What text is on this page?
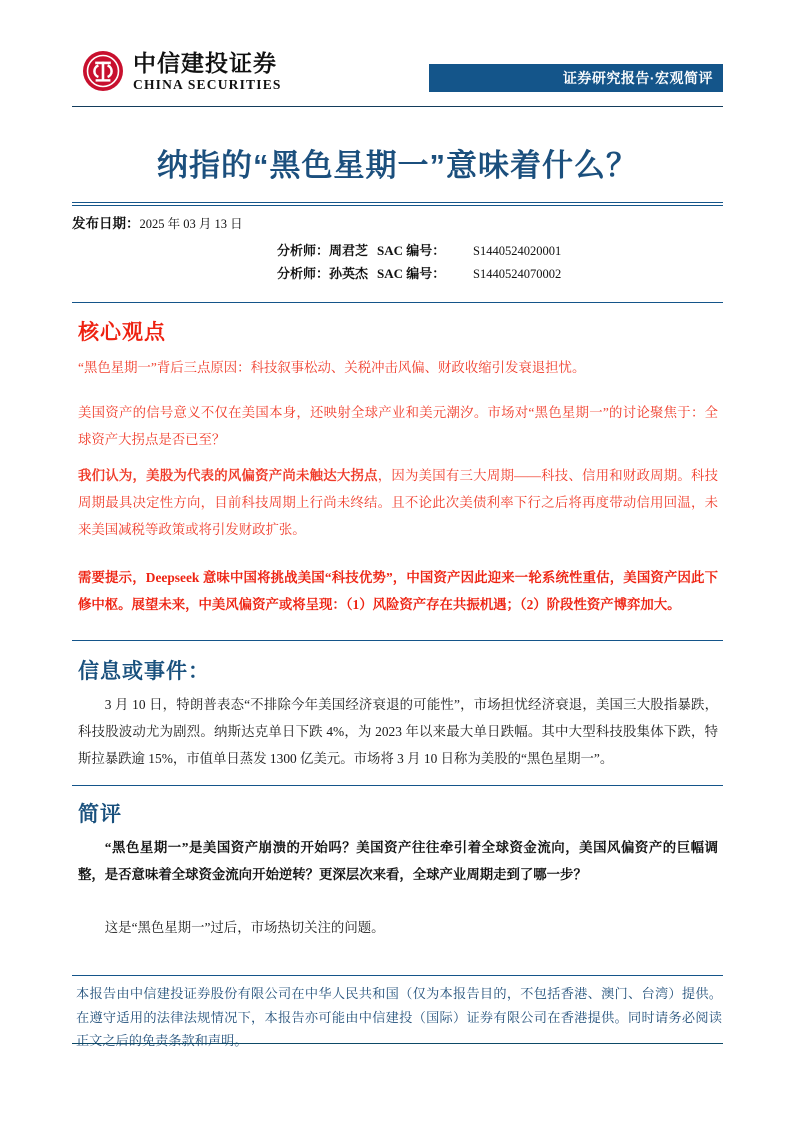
中信建投证券
CHINA SECURITIES	证券研究报告·宏观简评
纳指的“黑色星期一”意味着什么？
发布日期：2025 年 03 月 13 日
分析师：周君芝 SAC 编号：	S1440524020001
分析师：孙英杰 SAC 编号：	S1440524070002
核心观点
“黑色星期一”背后三点原因：科技叙事松动、关税冲击风偏、财政收缩引发衰退担忧。
美国资产的信号意义不仅在美国本身，还映射全球产业和美元潮汐。市场对“黑色星期一”的讨论聚焦于：全球资产大拐点是否已至？
我们认为，美股为代表的风偏资产尚未触达大拐点，因为美国有三大周期——科技、信用和财政周期。科技周期最具决定性方向，目前科技周期上行尚未终结。且不论此次美债利率下行之后将再度带动信用回温，未来美国减税等政策或将引发财政扩张。
需要提示，Deepseek 意味中国将挑战美国“科技优势”，中国资产因此迎来一轮系统性重估，美国资产因此下修中枢。展望未来，中美风偏资产或将呈现：（1）风险资产存在共振机遇；（2）阶段性资产博弈加大。
信息或事件：
3 月 10 日，特朗普表态“不排除今年美国经济衰退的可能性”，市场担忧经济衰退，美国三大股指暴跌，科技股波动尤为剧烈。纳斯达克单日下跌 4%，为 2023 年以来最大单日跌幅。其中大型科技股集体下跌，特斯拉暴跌逾 15%，市值单日蒸发 1300 亿美元。市场将 3 月 10 日称为美股的“黑色星期一”。
简评
“黑色星期一”是美国资产崩溃的开始吗？美国资产往往牵引着全球资金流向，美国风偏资产的巨幅调整，是否意味着全球资金流向开始逆转？更深层次来看，全球产业周期走到了哪一步？
这是“黑色星期一”过后，市场热切关注的问题。
本报告由中信建投证券股份有限公司在中华人民共和国（仅为本报告目的，不包括香港、澳门、台湾）提供。在遵守适用的法律法规情况下，本报告亦可能由中信建投（国际）证券有限公司在香港提供。同时请务必阅读正文之后的免责条款和声明。
